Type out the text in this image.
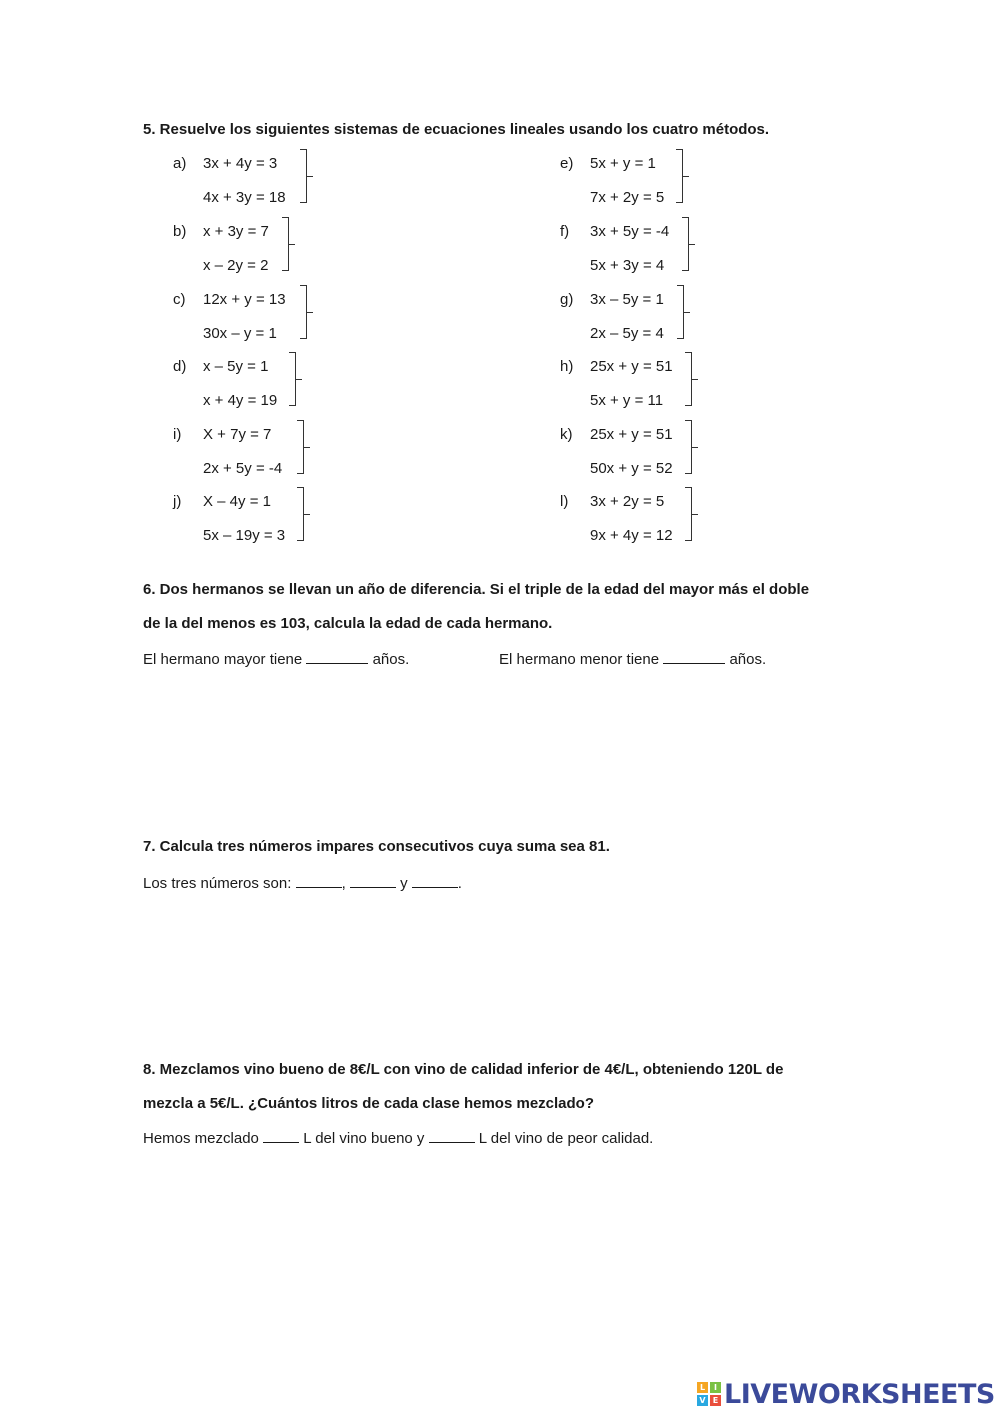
5. Resuelve los siguientes sistemas de ecuaciones lineales usando los cuatro métodos.
a) 3x + 4y = 3
4x + 3y = 18
b) x + 3y = 7
x – 2y = 2
c) 12x + y = 13
30x – y = 1
d) x – 5y = 1
x + 4y = 19
i) X + 7y = 7
2x + 5y = -4
j) X – 4y = 1
5x – 19y = 3
e) 5x + y = 1
7x + 2y = 5
f) 3x + 5y = -4
5x + 3y = 4
g) 3x – 5y = 1
2x – 5y = 4
h) 25x + y = 51
5x + y = 11
k) 25x + y = 51
50x + y = 52
l) 3x + 2y = 5
9x + 4y = 12
6. Dos hermanos se llevan un año de diferencia. Si el triple de la edad del mayor más el doble
de la del menos es 103, calcula la edad de cada hermano.
El hermano mayor tiene	años.	El hermano menor tiene	años.
7. Calcula tres números impares consecutivos cuya suma sea 81.
Los tres números son:	,	y	.
8. Mezclamos vino bueno de 8€/L con vino de calidad inferior de 4€/L, obteniendo 120L de
mezcla a 5€/L. ¿Cuántos litros de cada clase hemos mezclado?
Hemos mezclado	L del vino bueno y	L del vino de peor calidad.
L	I
V E LIVEWORKSHEETS
